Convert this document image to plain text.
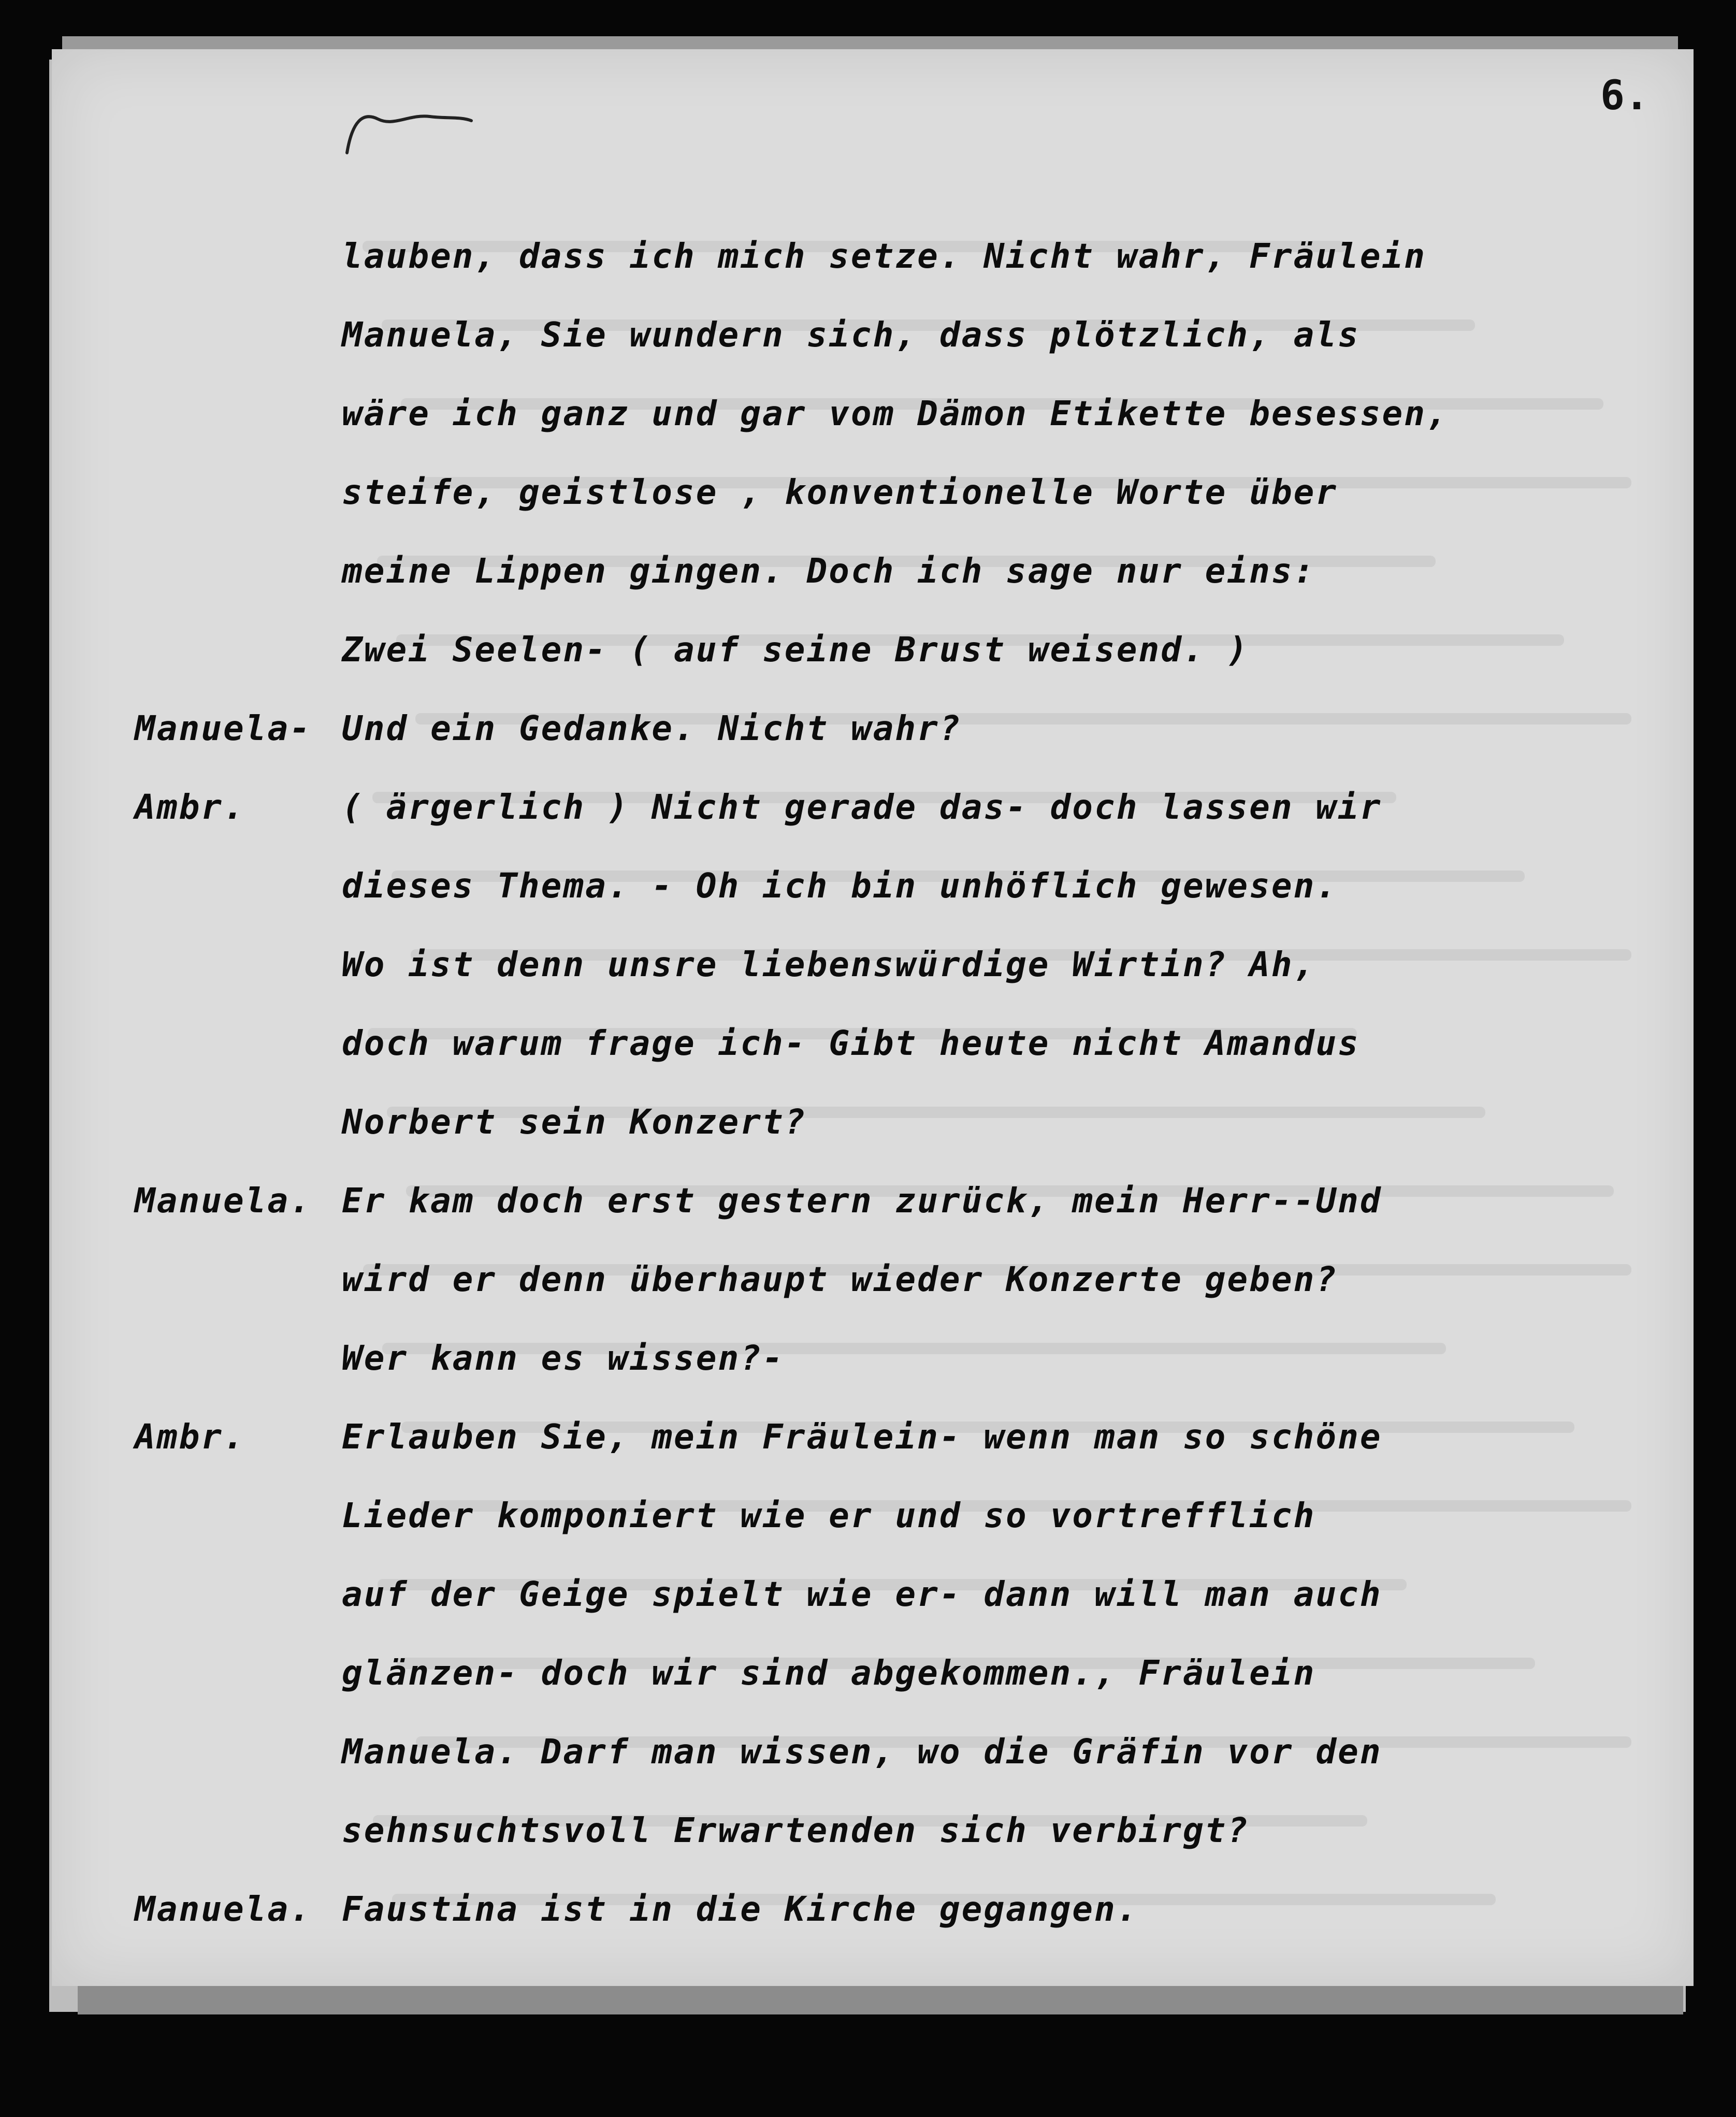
6.
lauben, dass ich mich setze. Nicht wahr, Fräulein
Manuela, Sie wundern sich, dass plötzlich, als
wäre ich ganz und gar vom Dämon Etikette besessen,
steife, geistlose , konventionelle Worte über
meine Lippen gingen. Doch ich sage nur eins:
Zwei Seelen- ( auf seine Brust weisend. )
Manuela- Und ein Gedanke. Nicht wahr?
Ambr.	( ärgerlich ) Nicht gerade das- doch lassen wir
dieses Thema. - Oh ich bin unhöflich gewesen.
Wo ist denn unsre liebenswürdige Wirtin? Ah,
doch warum frage ich- Gibt heute nicht Amandus
Norbert sein Konzert?
Manuela. Er kam doch erst gestern zurück, mein Herr--Und
wird er denn überhaupt wieder Konzerte geben?
Wer kann es wissen?-
Ambr.	Erlauben Sie, mein Fräulein- wenn man so schöne
Lieder komponiert wie er und so vortrefflich
auf der Geige spielt wie er- dann will man auch
glänzen- doch wir sind abgekommen., Fräulein
Manuela. Darf man wissen, wo die Gräfin vor den
sehnsuchtsvoll Erwartenden sich verbirgt?
Manuela. Faustina ist in die Kirche gegangen.
